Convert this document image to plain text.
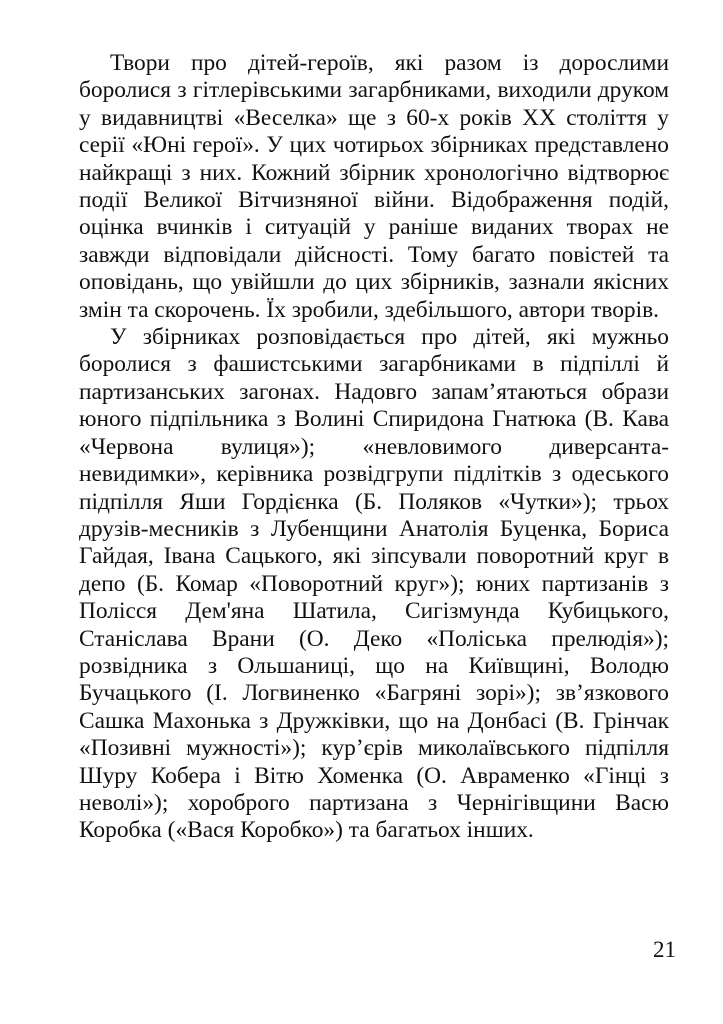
Твори про дітей-героїв, які разом із дорослими боролися з гітлерівськими загарбниками, виходили друком у видавництві «Веселка» ще з 60-х років XX століття у серії «Юні герої». У цих чотирьох збірниках представлено найкращі з них. Кожний збірник хронологічно відтворює події Великої Вітчизняної війни. Відображення подій, оцінка вчинків і ситуацій у раніше виданих творах не завжди відповідали дійсності. Тому багато повістей та оповідань, що увійшли до цих збірників, зазнали якісних змін та скорочень. Їх зробили, здебільшого, автори творів.

У збірниках розповідається про дітей, які мужньо боролися з фашистськими загарбниками в підпіллі й партизанських загонах. Надовго запам’ятаються образи юного підпільника з Волині Спиридона Гнатюка (В. Кава «Червона вулиця»); «невловимого диверсанта-невидимки», керівника розвідгрупи підлітків з одеського підпілля Яши Гордієнка (Б. Поляков «Чутки»); трьох друзів-месників з Лубенщини Анатолія Буценка, Бориса Гайдая, Івана Сацького, які зіпсували поворотний круг в депо (Б. Комар «Поворотний круг»); юних партизанів з Полісся Дем'яна Шатила, Сигізмунда Кубицького, Станіслава Врани (О. Деко «Поліська прелюдія»); розвідника з Ольшаниці, що на Київщині, Володю Бучацького (І. Логвиненко «Багряні зорі»); зв’язкового Сашка Махонька з Дружківки, що на Донбасі (В. Грінчак «Позивні мужності»); кур’єрів миколаївського підпілля Шуру Кобера і Вітю Хоменка (О. Авраменко «Гінці з неволі»); хороброго партизана з Чернігівщини Васю Коробка («Вася Коробко») та багатьох інших.

21
